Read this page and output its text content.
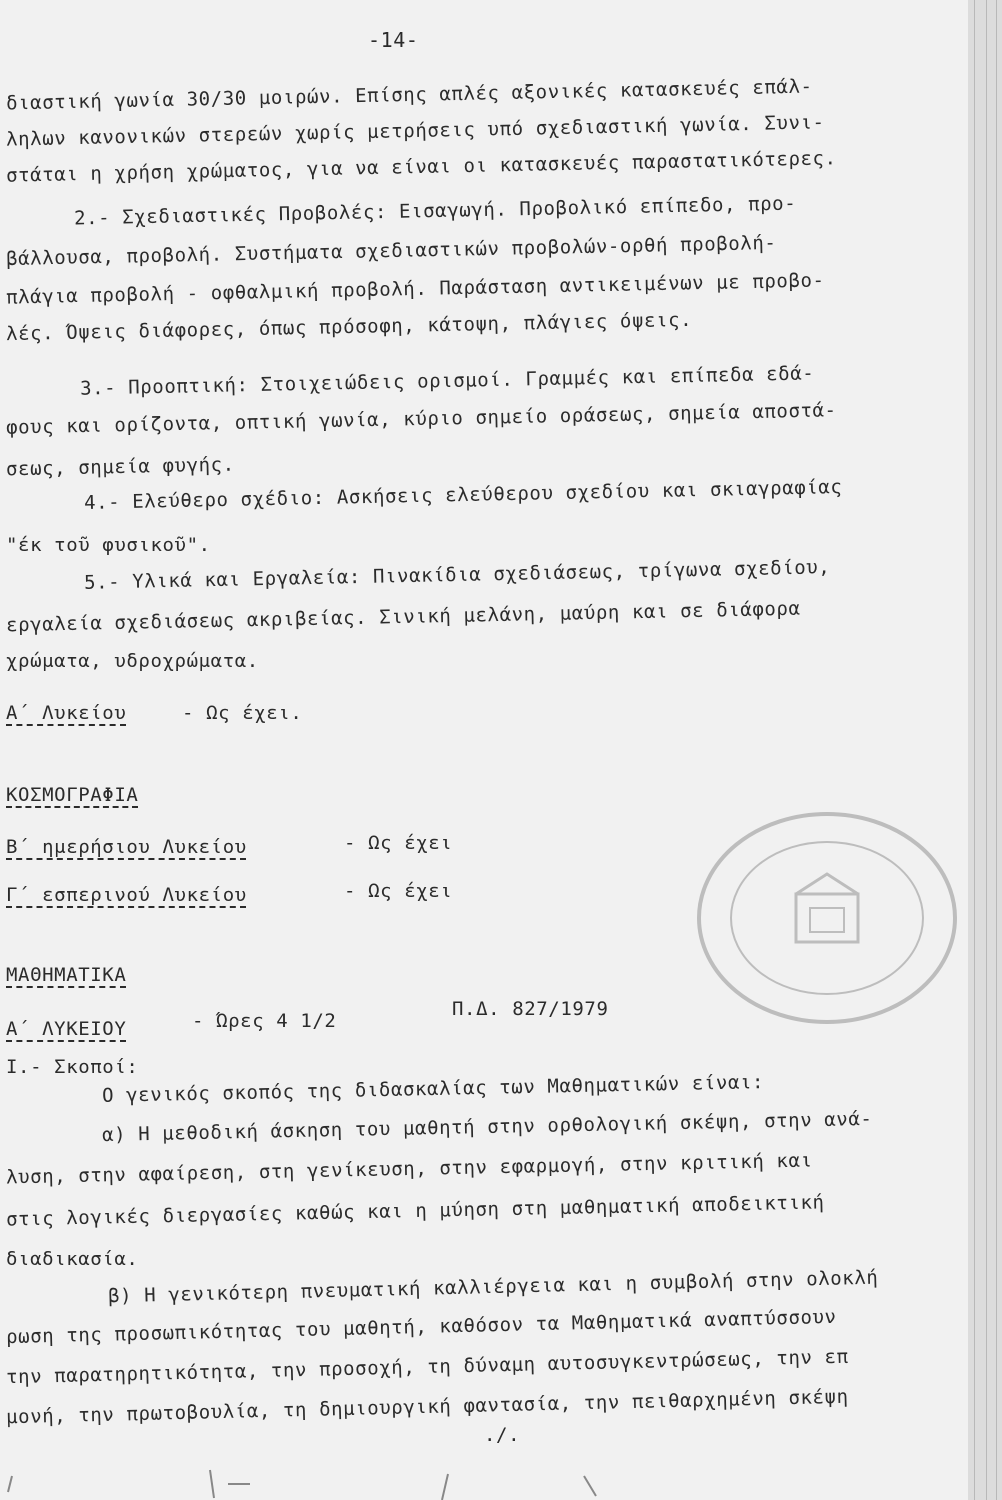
-14-
διαστική γωνία 30/30 μοιρών. Επίσης απλές αξονικές κατασκευές επάλ-
ληλων κανονικών στερεών χωρίς μετρήσεις υπό σχεδιαστική γωνία. Συνι-
στάται η χρήση χρώματος, για να είναι οι κατασκευές παραστατικότερες.
2.- Σχεδιαστικές Προβολές: Εισαγωγή. Προβολικό επίπεδο, προ-
βάλλουσα, προβολή. Συστήματα σχεδιαστικών προβολών-ορθή προβολή-
πλάγια προβολή - οφθαλμική προβολή. Παράσταση αντικειμένων με προβο-
λές. Όψεις διάφορες, όπως πρόσοφη, κάτοψη, πλάγιες όψεις.
3.- Προοπτική: Στοιχειώδεις ορισμοί. Γραμμές και επίπεδα εδά-
φους και ορίζοντα, οπτική γωνία, κύριο σημείο οράσεως, σημεία αποστά-
σεως, σημεία φυγής.
4.- Ελεύθερο σχέδιο: Ασκήσεις ελεύθερου σχεδίου και σκιαγραφίας
"έκ τοῦ φυσικοῦ".
5.- Υλικά και Εργαλεία: Πινακίδια σχεδιάσεως, τρίγωνα σχεδίου,
εργαλεία σχεδιάσεως ακριβείας. Σινική μελάνη, μαύρη και σε διάφορα
χρώματα, υδροχρώματα.
Α΄ Λυκείου	- Ως έχει.
ΚΟΣΜΟΓΡΑΦΙΑ
Β΄ ημερήσιου Λυκείου	- Ως έχει
Γ΄ εσπερινού Λυκείου	- Ως έχει
ΜΑΘΗΜΑΤΙΚΑ
Α΄ ΛΥΚΕΙΟΥ	- Ώρες 4 1/2
Π.Δ. 827/1979
Ι.- Σκοποί:
Ο γενικός σκοπός της διδασκαλίας των Μαθηματικών είναι:
α) Η μεθοδική άσκηση του μαθητή στην ορθολογική σκέψη, στην ανά-
λυση, στην αφαίρεση, στη γενίκευση, στην εφαρμογή, στην κριτική και
στις λογικές διεργασίες καθώς και η μύηση στη μαθηματική αποδεικτική
διαδικασία.
β) Η γενικότερη πνευματική καλλιέργεια και η συμβολή στην ολοκλή
ρωση της προσωπικότητας του μαθητή, καθόσον τα Μαθηματικά αναπτύσσουν
την παρατηρητικότητα, την προσοχή, τη δύναμη αυτοσυγκεντρώσεως, την επ
μονή, την πρωτοβουλία, τη δημιουργική φαντασία, την πειθαρχημένη σκέψη
./.
